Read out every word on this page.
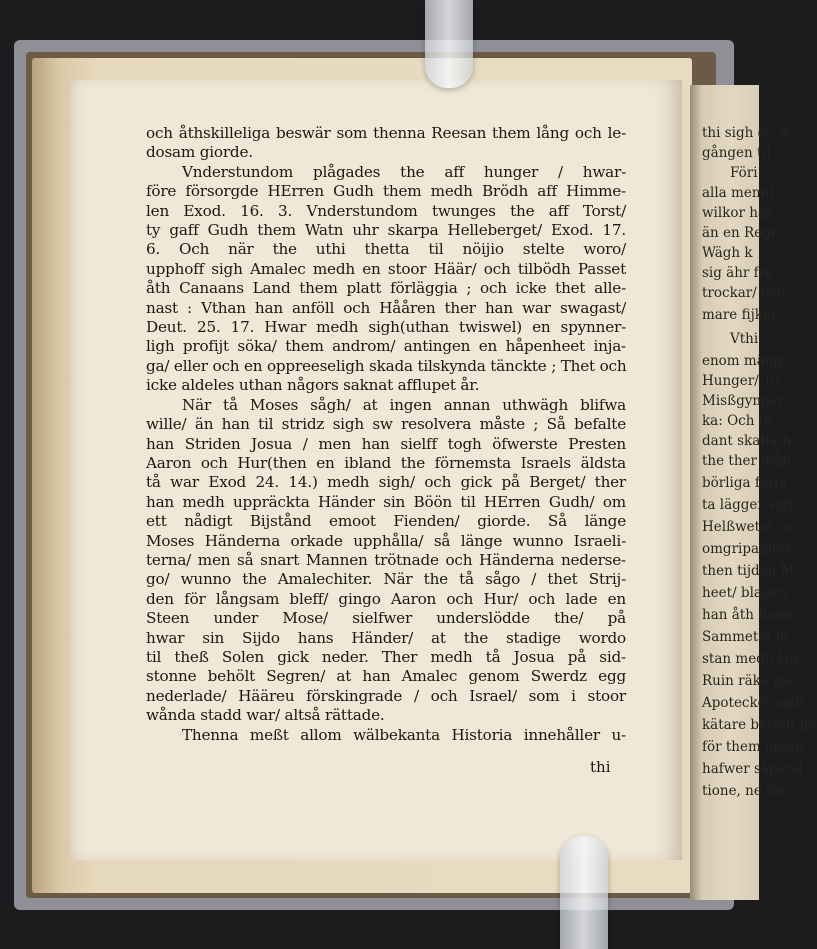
och åthskilleliga beswär som thenna Reesan them lång och le-
dosam giorde.
Vnderstundom plågades the aff hunger / hwar-
före försorgde HErren Gudh them medh Brödh aff Himme-
len Exod. 16. 3. Vnderstundom twunges the aff Torst/
ty gaff Gudh them Watn uhr skarpa Helleberget/ Exod. 17.
6. Och när the uthi thetta til nöijio stelte woro/
upphoff sigh Amalec medh en stoor Häär/ och tilbödh Passet
åth Canaans Land them platt förläggia ; och icke thet alle-
nast : Vthan han anföll och Hååren ther han war swagast/
Deut. 25. 17. Hwar medh sigh(uthan twiswel) en spynner-
ligh profijt söka/ them androm/ antingen en håpenheet inja-
ga/ eller och en oppreeseligh skada tilskynda tänckte ; Thet och
icke aldeles uthan någors saknat afflupet år.
När tå Moses sågh/ at ingen annan uthwägh blifwa
wille/ än han til stridz sigh sw resolvera måste ; Så befalte
han Striden Josua / men han sielff togh öfwerste Presten
Aaron och Hur(then en ibland the förnemsta Israels äldsta
tå war Exod 24. 14.) medh sigh/ och gick på Berget/ ther
han medh uppräckta Händer sin Böön til HErren Gudh/ om
ett nådigt Bijstånd emoot Fienden/ giorde. Så länge
Moses Händerna orkade upphålla/ så länge wunno Israeli-
terna/ men så snart Mannen trötnade och Händerna nederse-
go/ wunno the Amalechiter. När the tå sågo / thet Strij-
den för långsam bleff/ gingo Aaron och Hur/ och lade en
Steen under Mose/ sielfwer underslödde the/ på
hwar sin Sijdo hans Händer/ at the stadige wordo
til theß Solen gick neder. Ther medh tå Josua på sid-
stonne behölt Segren/ at han Amalec genom Swerdz egg
nederlade/ Hääreu förskingrade / och Israel/ som i stoor
wånda stadd war/ altså rättade.
Thenna meßt allom wälbekanta Historia innehåller u-
thi
thi sigh en w
gången til
Föri
alla menni
wilkor här
än en Rege
Wägh k
sig ähr frä
trockar/ och
mare fijker.
Vthi
enom mäng
Hunger/ To
Misßgynnar
ka: Och th
dant skaffa h
the ther mån
börliga forts
ta lägger sigh
Helßwetet oc
omgripandes
then tijden M
heet/ bladen
han åth henn
Sammetet lå
stan medh Hu
Ruin räka mä
Apotecket sigh
kätare beredt he
för them orsak
hafwer såpand
tione, ne via
